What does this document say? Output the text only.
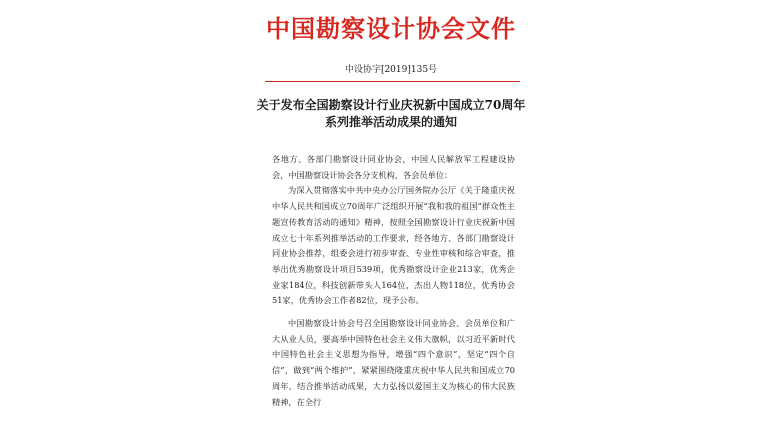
中国勘察设计协会文件
中设协字[2019]135号
关于发布全国勘察设计行业庆祝新中国成立70周年
系列推举活动成果的通知

各地方、各部门勘察设计同业协会，中国人民解放军工程建设协会，中国勘察设计协会各分支机构，各会员单位：

为深入贯彻落实中共中央办公厅国务院办公厅《关于隆重庆祝中华人民共和国成立70周年广泛组织开展“我和我的祖国”群众性主题宣传教育活动的通知》精神，按照全国勘察设计行业庆祝新中国成立七十年系列推举活动的工作要求，经各地方、各部门勘察设计同业协会推荐，组委会进行初步审查、专业性审核和综合审查，推举出优秀勘察设计项目539项，优秀勘察设计企业213家，优秀企业家184位，科技创新带头人164位，杰出人物118位，优秀协会51家，优秀协会工作者82位，现予公布。

中国勘察设计协会号召全国勘察设计同业协会、会员单位和广大从业人员，要高举中国特色社会主义伟大旗帜，以习近平新时代中国特色社会主义思想为指导，增强“四个意识”，坚定“四个自信”，做到“两个维护”，紧紧围绕隆重庆祝中华人民共和国成立70周年，结合推举活动成果，大力弘扬以爱国主义为核心的伟大民族精神，在全行
